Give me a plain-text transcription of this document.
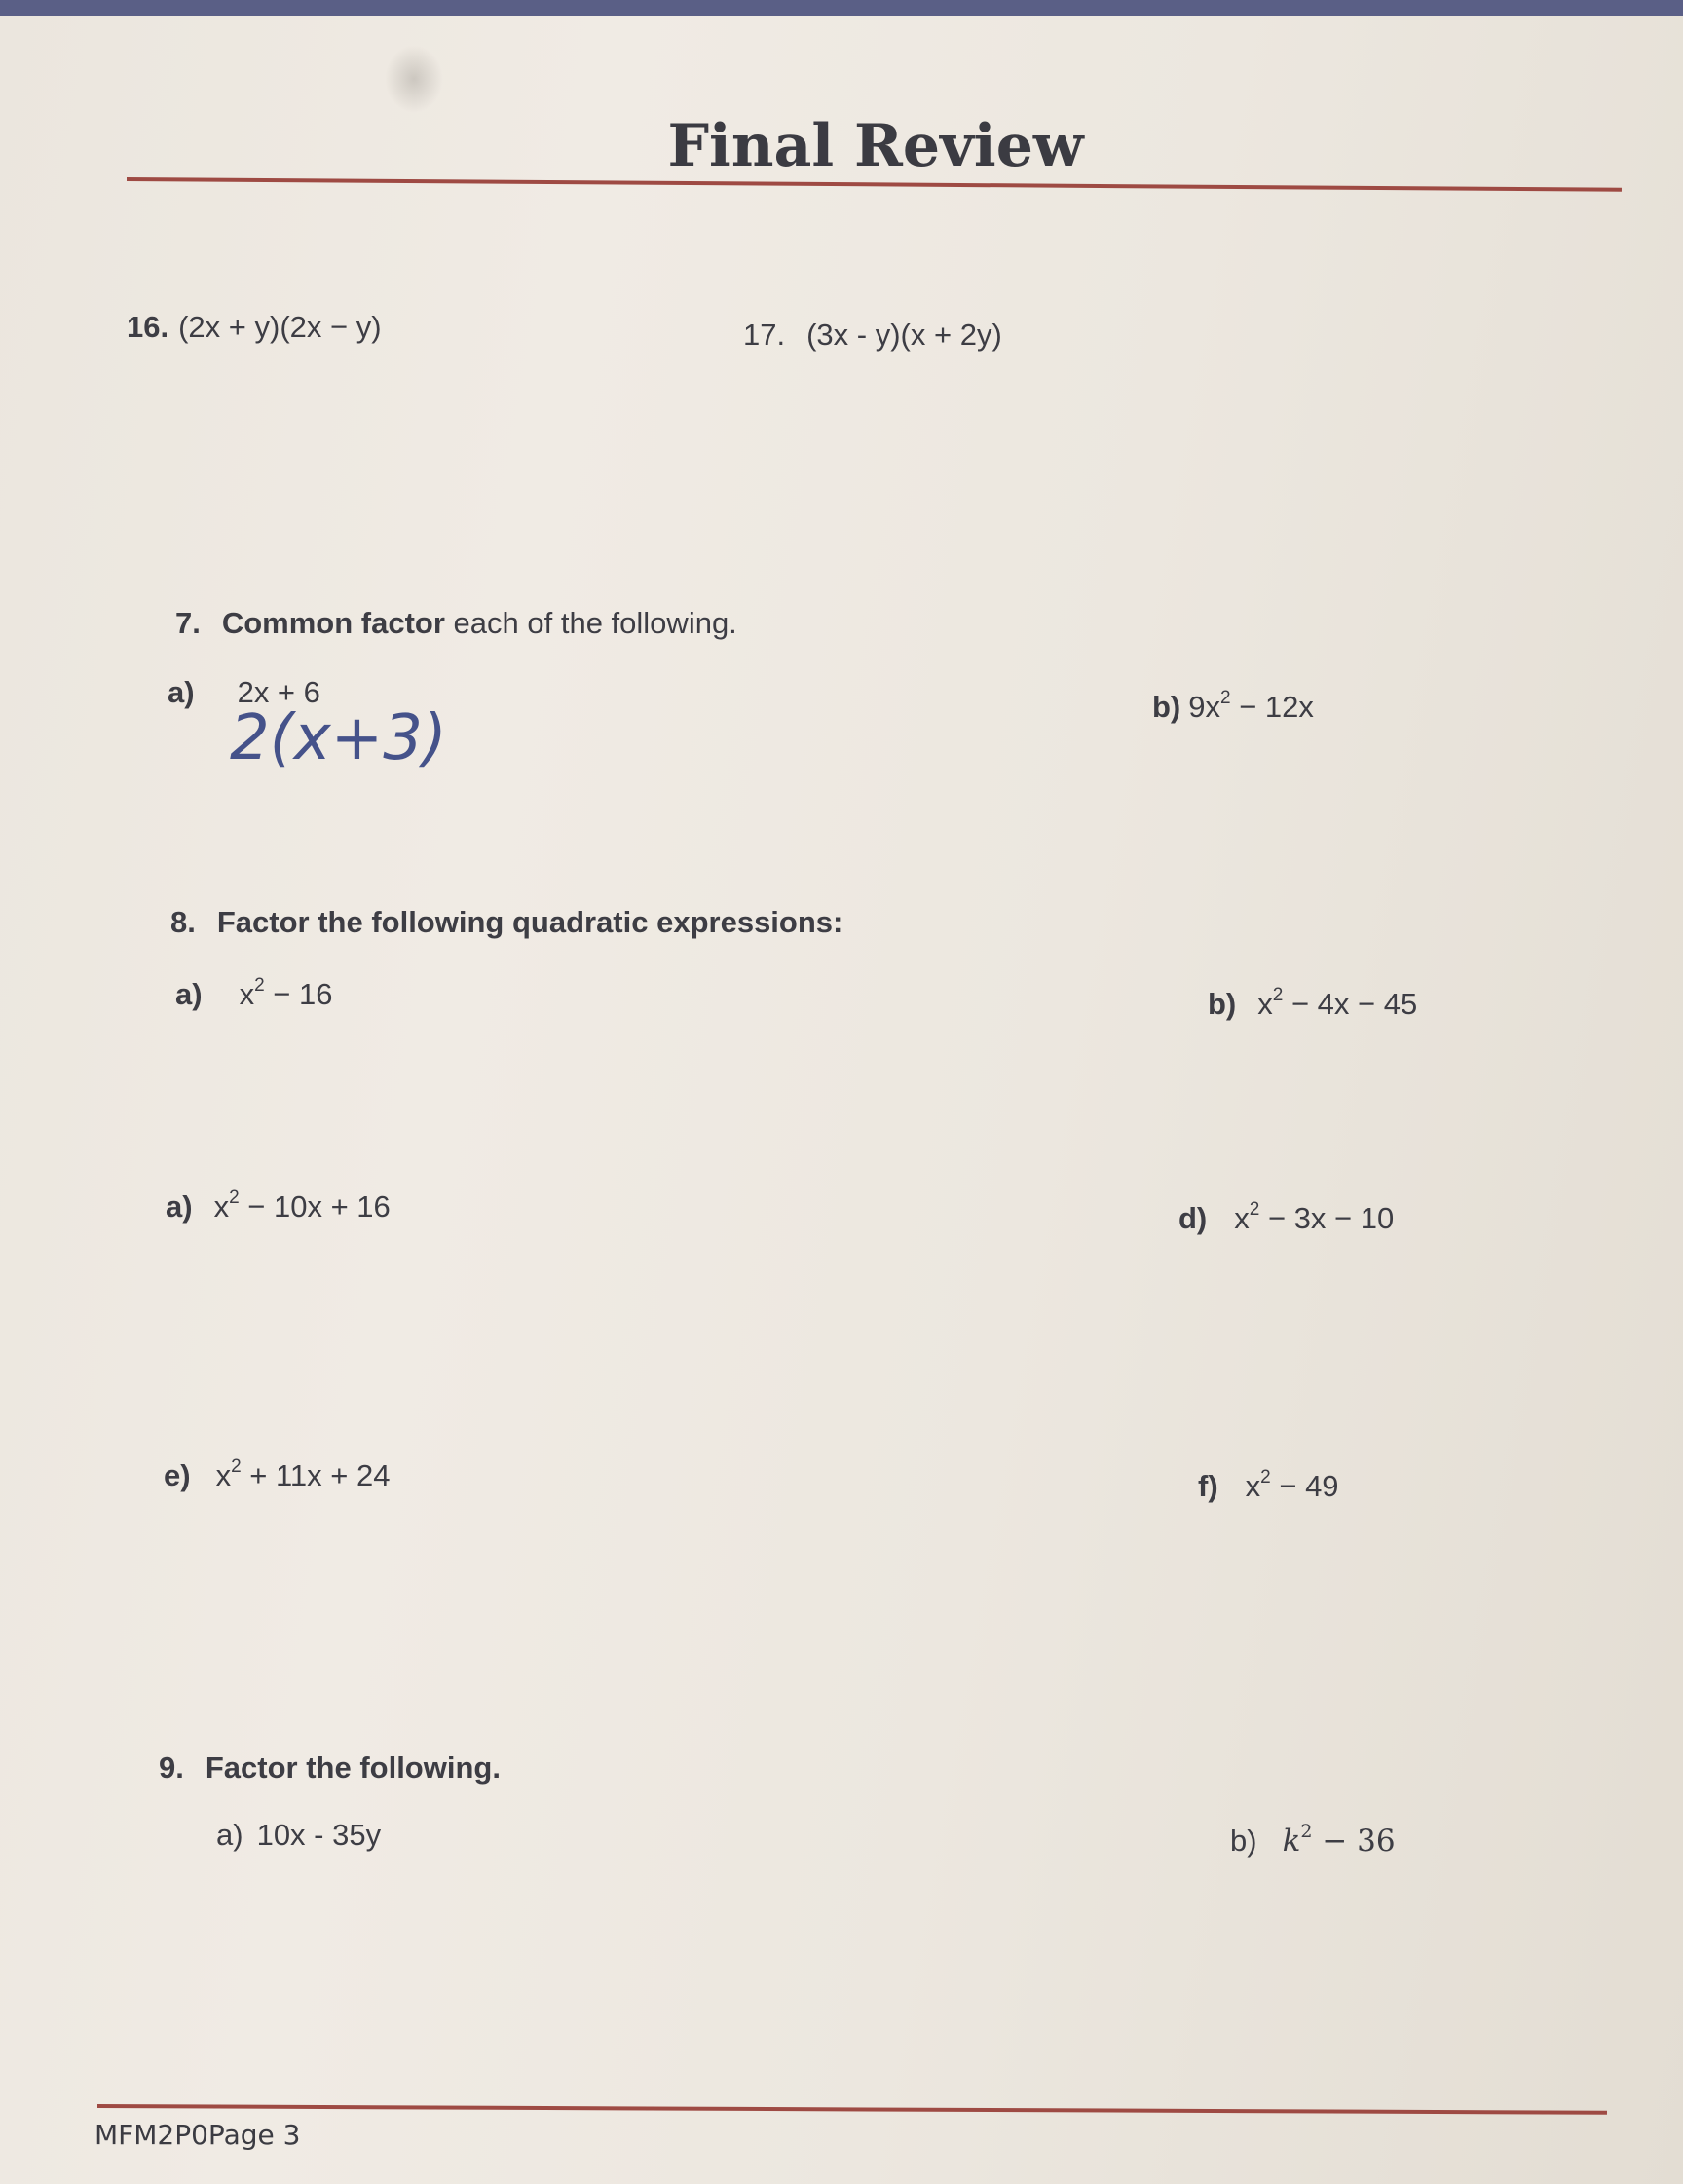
Final Review
16. (2x + y)(2x − y)	17. (3x - y)(x + 2y)
7. Common factor each of the following.
a) 2x + 6
2(x+3)	b) $9x^2 - 12x$
8. Factor the following quadratic expressions:
a) $x^2 - 16$	b) $x^2 - 4x - 45$
a) $x^2 - 10x + 16$	d) $x^2 - 3x - 10$
e) $x^2 + 11x + 24$	f) $x^2 - 49$
9. Factor the following.
a) 10x - 35y	b) $k^2 - 36$
MFM2P0Page 3
